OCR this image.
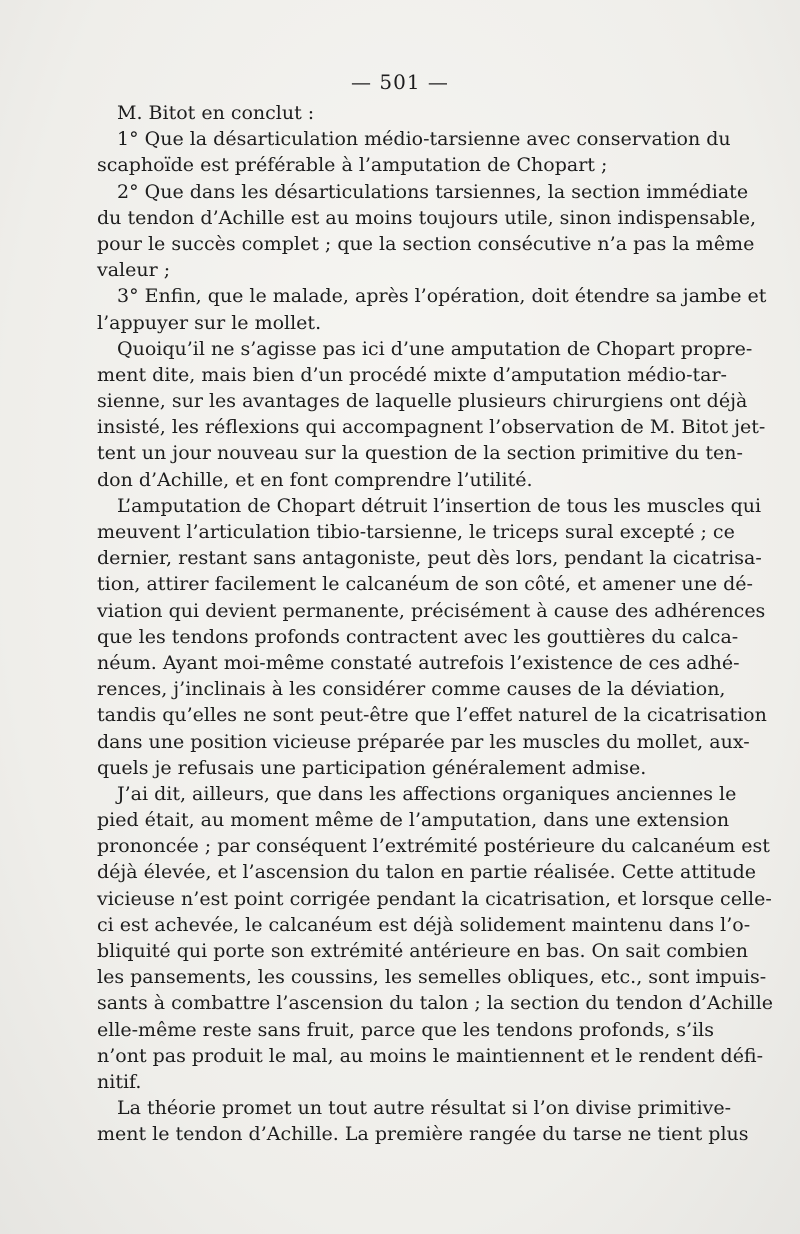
— 501 —
M. Bitot en conclut :
1° Que la désarticulation médio-tarsienne avec conservation du
scaphoïde est préférable à l’amputation de Chopart ;
2° Que dans les désarticulations tarsiennes, la section immédiate
du tendon d’Achille est au moins toujours utile, sinon indispensable,
pour le succès complet ; que la section consécutive n’a pas la même
valeur ;
3° Enfin, que le malade, après l’opération, doit étendre sa jambe et
l’appuyer sur le mollet.
Quoiqu’il ne s’agisse pas ici d’une amputation de Chopart propre-
ment dite, mais bien d’un procédé mixte d’amputation médio-tar-
sienne, sur les avantages de laquelle plusieurs chirurgiens ont déjà
insisté, les réflexions qui accompagnent l’observation de M. Bitot jet-
tent un jour nouveau sur la question de la section primitive du ten-
don d’Achille, et en font comprendre l’utilité.
L’amputation de Chopart détruit l’insertion de tous les muscles qui
meuvent l’articulation tibio-tarsienne, le triceps sural excepté ; ce
dernier, restant sans antagoniste, peut dès lors, pendant la cicatrisa-
tion, attirer facilement le calcanéum de son côté, et amener une dé-
viation qui devient permanente, précisément à cause des adhérences
que les tendons profonds contractent avec les gouttières du calca-
néum. Ayant moi-même constaté autrefois l’existence de ces adhé-
rences, j’inclinais à les considérer comme causes de la déviation,
tandis qu’elles ne sont peut-être que l’effet naturel de la cicatrisation
dans une position vicieuse préparée par les muscles du mollet, aux-
quels je refusais une participation généralement admise.
J’ai dit, ailleurs, que dans les affections organiques anciennes le
pied était, au moment même de l’amputation, dans une extension
prononcée ; par conséquent l’extrémité postérieure du calcanéum est
déjà élevée, et l’ascension du talon en partie réalisée. Cette attitude
vicieuse n’est point corrigée pendant la cicatrisation, et lorsque celle-
ci est achevée, le calcanéum est déjà solidement maintenu dans l’o-
bliquité qui porte son extrémité antérieure en bas. On sait combien
les pansements, les coussins, les semelles obliques, etc., sont impuis-
sants à combattre l’ascension du talon ; la section du tendon d’Achille
elle-même reste sans fruit, parce que les tendons profonds, s’ils
n’ont pas produit le mal, au moins le maintiennent et le rendent défi-
nitif.
La théorie promet un tout autre résultat si l’on divise primitive-
ment le tendon d’Achille. La première rangée du tarse ne tient plus
